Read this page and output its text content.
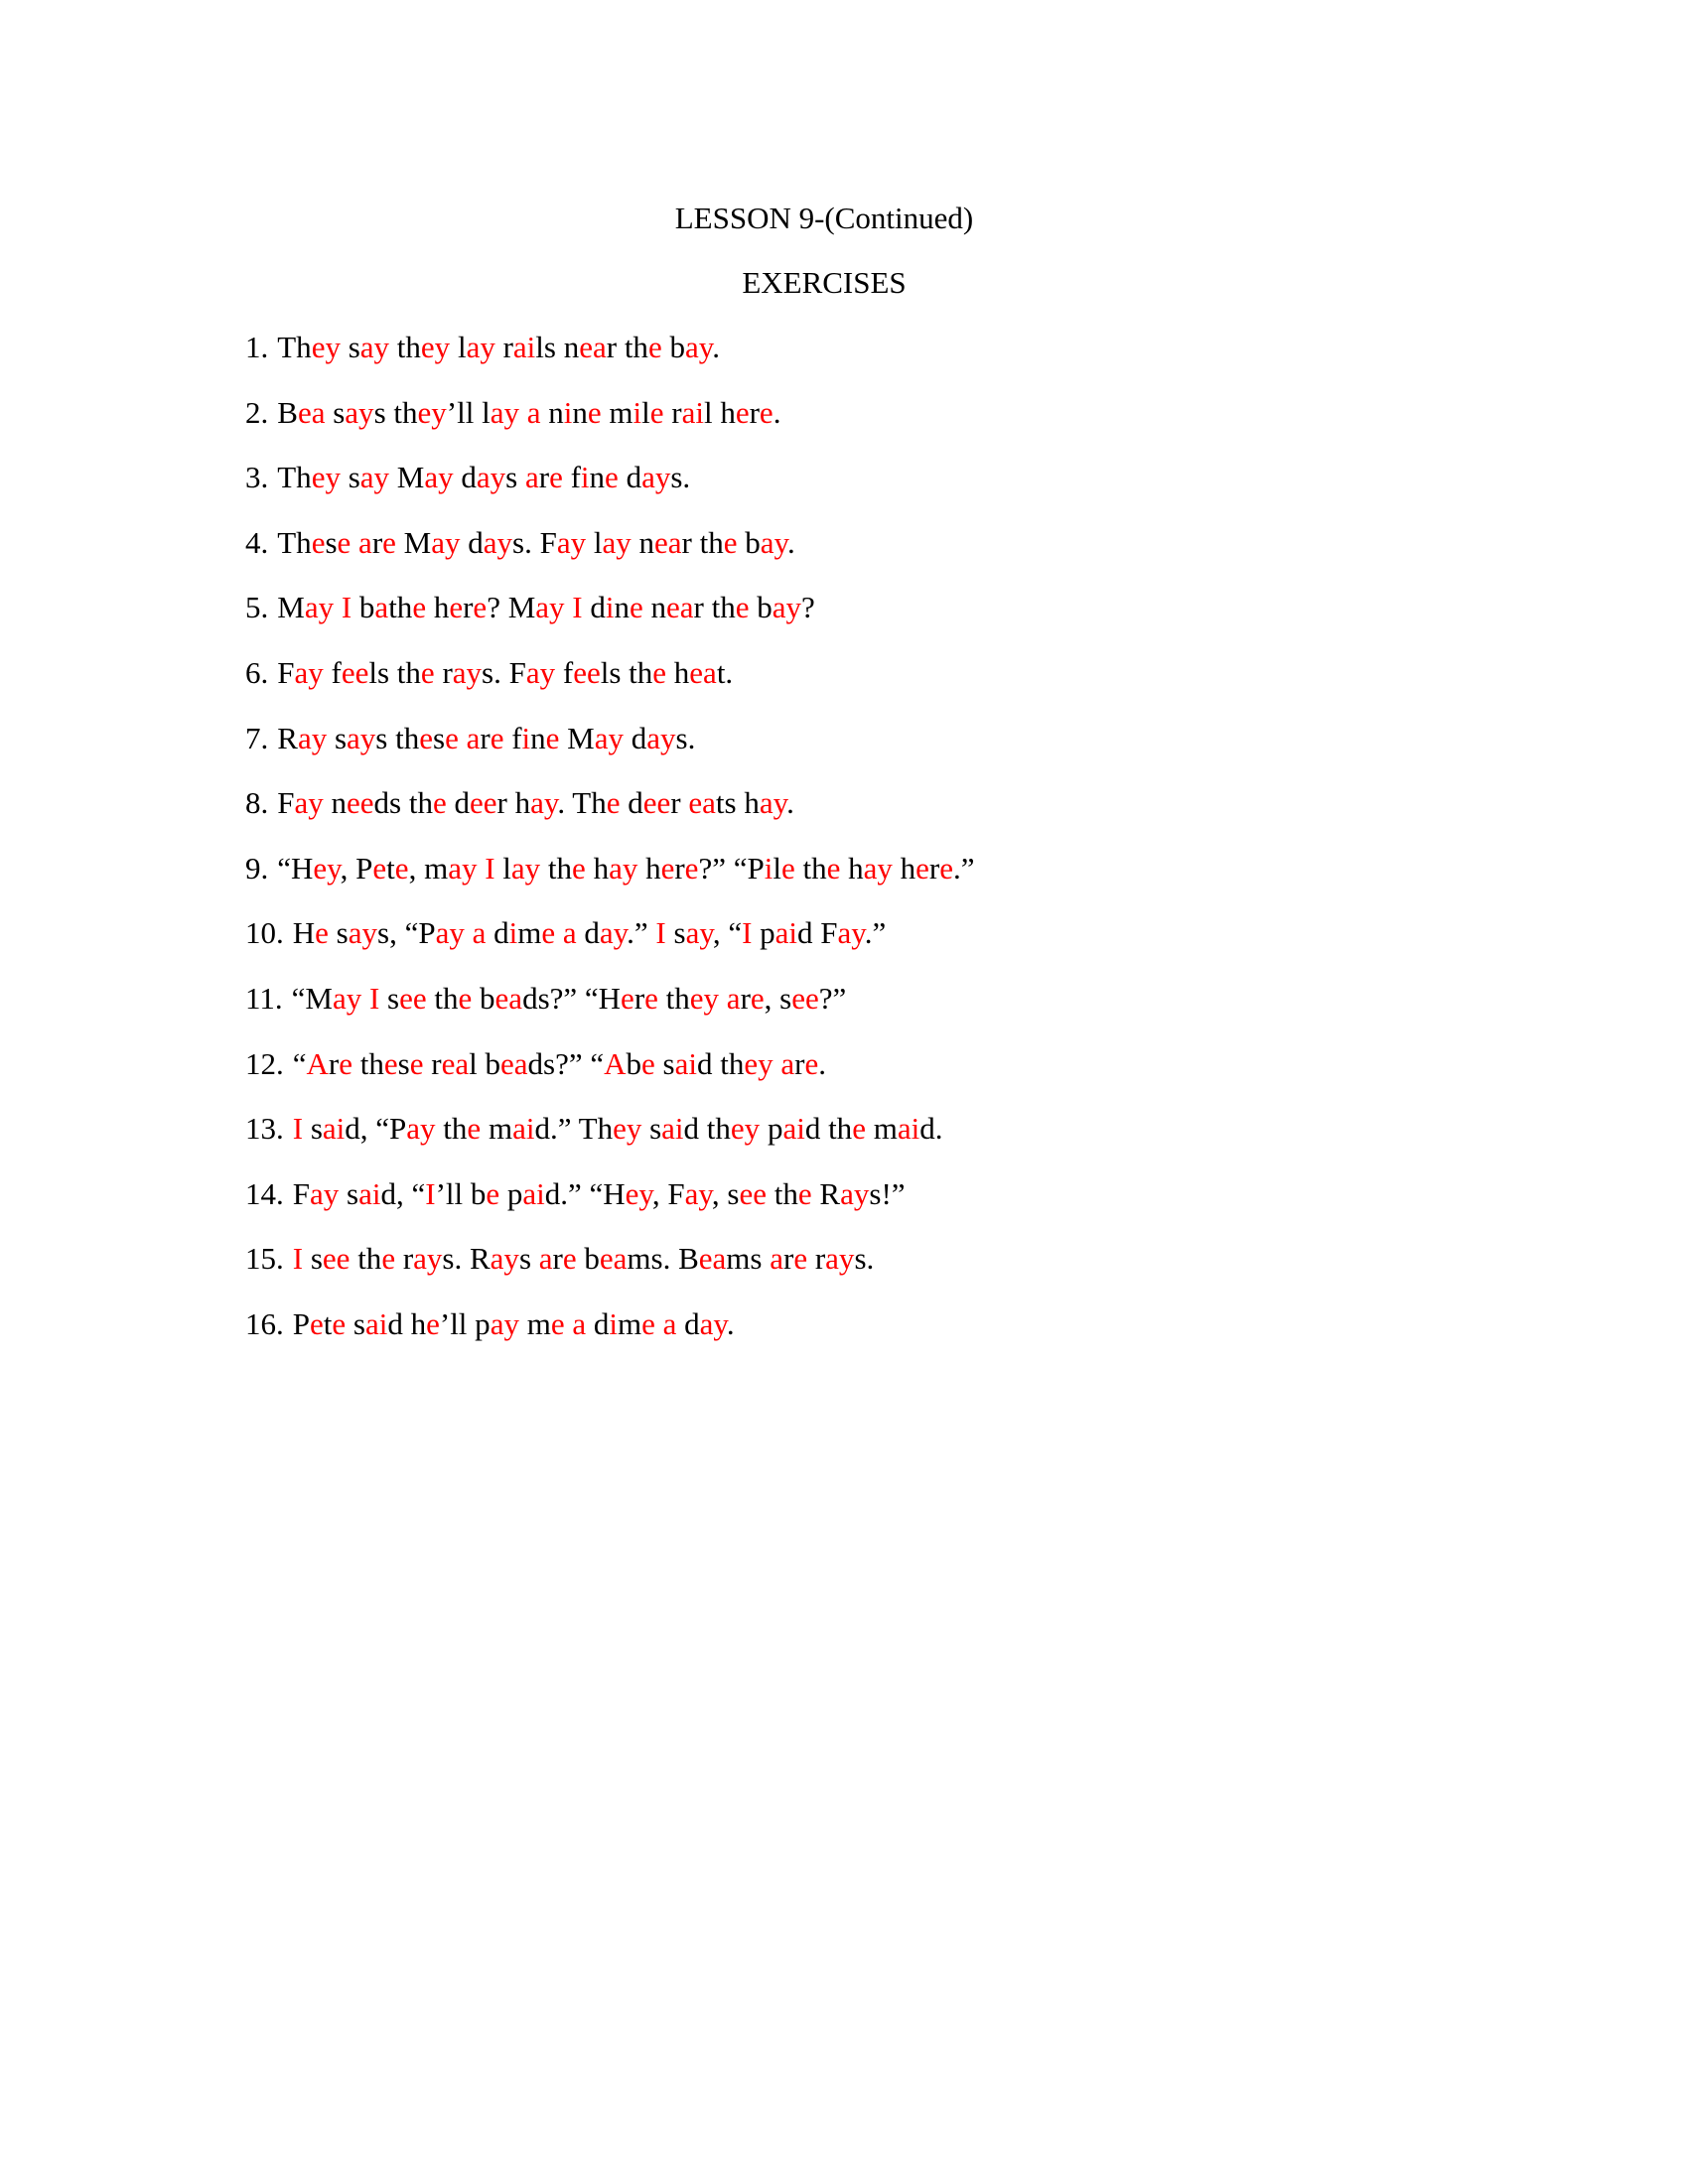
LESSON 9-(Continued)
EXERCISES
1. They say they lay rails near the bay.
2. Bea says they’ll lay a nine mile rail here.
3. They say May days are fine days.
4. These are May days. Fay lay near the bay.
5. May I bathe here? May I dine near the bay?
6. Fay feels the rays. Fay feels the heat.
7. Ray says these are fine May days.
8. Fay needs the deer hay. The deer eats hay.
9. “Hey, Pete, may I lay the hay here?” “Pile the hay here.”
10. He says, “Pay a dime a day.” I say, “I paid Fay.”
11. “May I see the beads?” “Here they are, see?”
12. “Are these real beads?” “Abe said they are.
13. I said, “Pay the maid.” They said they paid the maid.
14. Fay said, “I’ll be paid.” “Hey, Fay, see the Rays!”
15. I see the rays. Rays are beams. Beams are rays.
16. Pete said he’ll pay me a dime a day.
